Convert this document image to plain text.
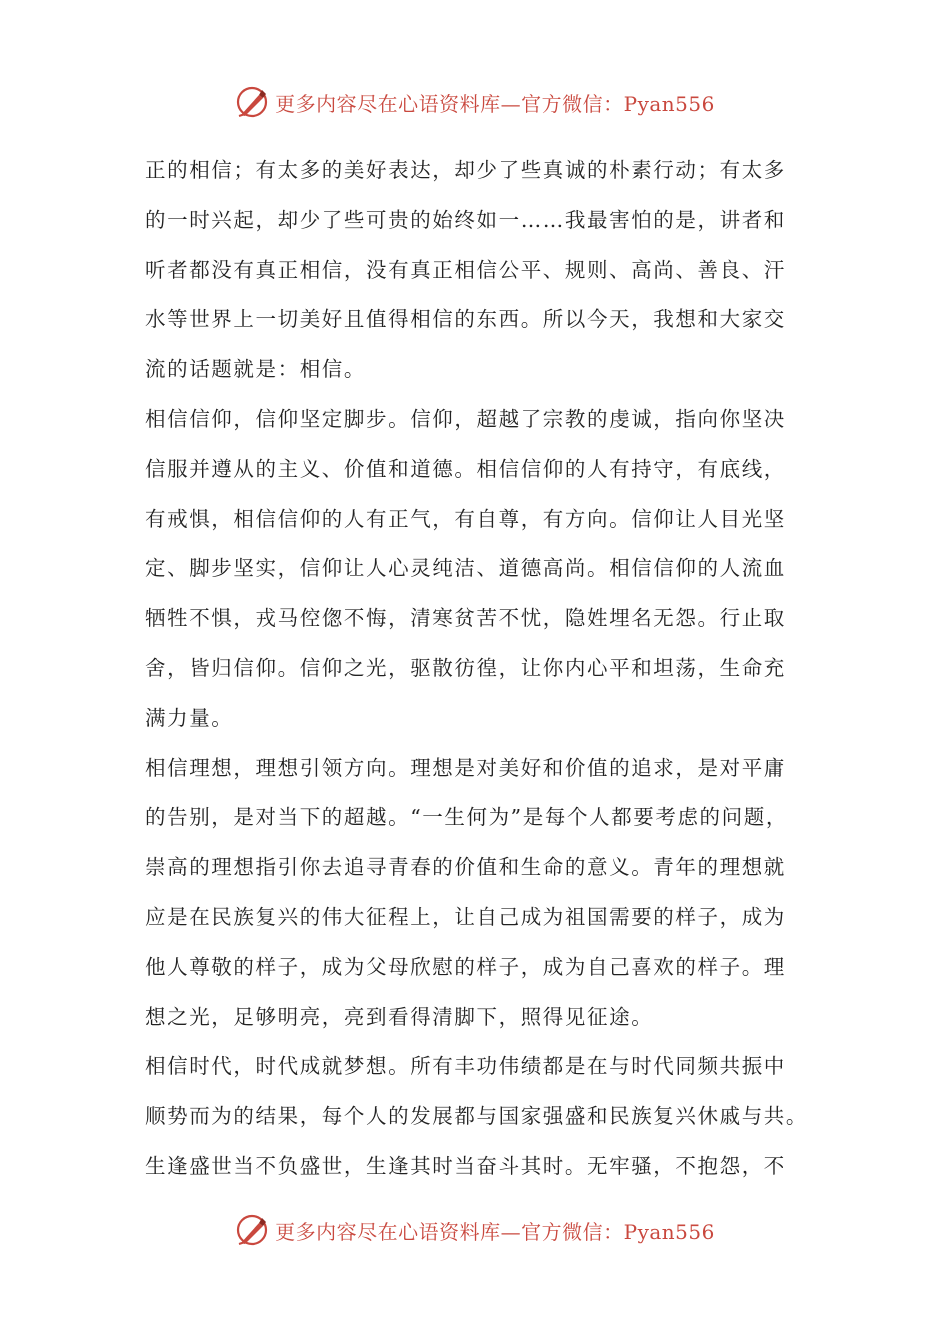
更多内容尽在心语资料库—官方微信：Pyan556
正的相信；有太多的美好表达，却少了些真诚的朴素行动；有太多
的一时兴起，却少了些可贵的始终如一……我最害怕的是，讲者和
听者都没有真正相信，没有真正相信公平、规则、高尚、善良、汗
水等世界上一切美好且值得相信的东西。所以今天，我想和大家交
流的话题就是：相信。
相信信仰，信仰坚定脚步。信仰，超越了宗教的虔诚，指向你坚决
信服并遵从的主义、价值和道德。相信信仰的人有持守，有底线，
有戒惧，相信信仰的人有正气，有自尊，有方向。信仰让人目光坚
定、脚步坚实，信仰让人心灵纯洁、道德高尚。相信信仰的人流血
牺牲不惧，戎马倥偬不悔，清寒贫苦不忧，隐姓埋名无怨。行止取
舍，皆归信仰。信仰之光，驱散彷徨，让你内心平和坦荡，生命充
满力量。
相信理想，理想引领方向。理想是对美好和价值的追求，是对平庸
的告别，是对当下的超越。“一生何为”是每个人都要考虑的问题，
崇高的理想指引你去追寻青春的价值和生命的意义。青年的理想就
应是在民族复兴的伟大征程上，让自己成为祖国需要的样子，成为
他人尊敬的样子，成为父母欣慰的样子，成为自己喜欢的样子。理
想之光，足够明亮，亮到看得清脚下，照得见征途。
相信时代，时代成就梦想。所有丰功伟绩都是在与时代同频共振中
顺势而为的结果，每个人的发展都与国家强盛和民族复兴休戚与共。
生逢盛世当不负盛世，生逢其时当奋斗其时。无牢骚，不抱怨，不
更多内容尽在心语资料库—官方微信：Pyan556
